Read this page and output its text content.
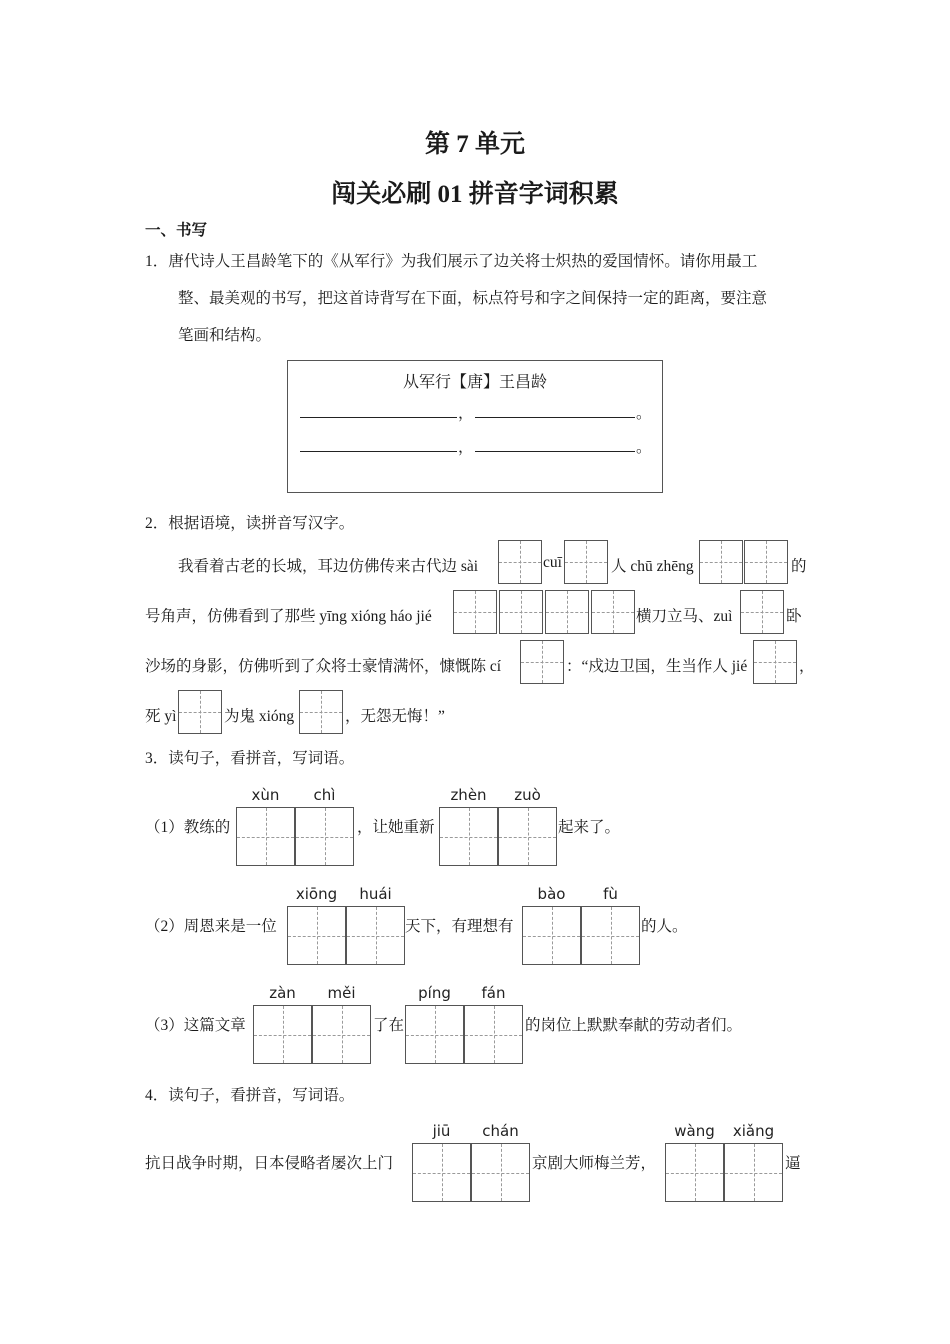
第 7 单元
闯关必刷 01 拼音字词积累
一、书写
1．唐代诗人王昌龄笔下的《从军行》为我们展示了边关将士炽热的爱国情怀。请你用最工
整、最美观的书写，把这首诗背写在下面，标点符号和字之间保持一定的距离，要注意
笔画和结构。
从军行【唐】王昌龄
，	。
，	。
2．根据语境，读拼音写汉字。
我看着古老的长城，耳边仿佛传来古代边 sài	cuī	人 chū zhēng	的
号角声，仿佛看到了那些 yīng xióng háo jié	横刀立马、zuì	卧
沙场的身影，仿佛听到了众将士豪情满怀，慷慨陈 cí	：“戍边卫国，生当作人 jié	，
死 yì	为鬼 xióng	，无怨无悔！”
3．读句子，看拼音，写词语。
xùn	chì	zhèn	zuò
（1）教练的	，让她重新	起来了。
xiōng	huái	bào	fù
（2）周恩来是一位	天下，有理想有	的人。
zàn	měi	píng	fán
（3）这篇文章	了在	的岗位上默默奉献的劳动者们。
4．读句子，看拼音，写词语。
jiū	chán	wàng	xiǎng
抗日战争时期，日本侵略者屡次上门	京剧大师梅兰芳，	逼
